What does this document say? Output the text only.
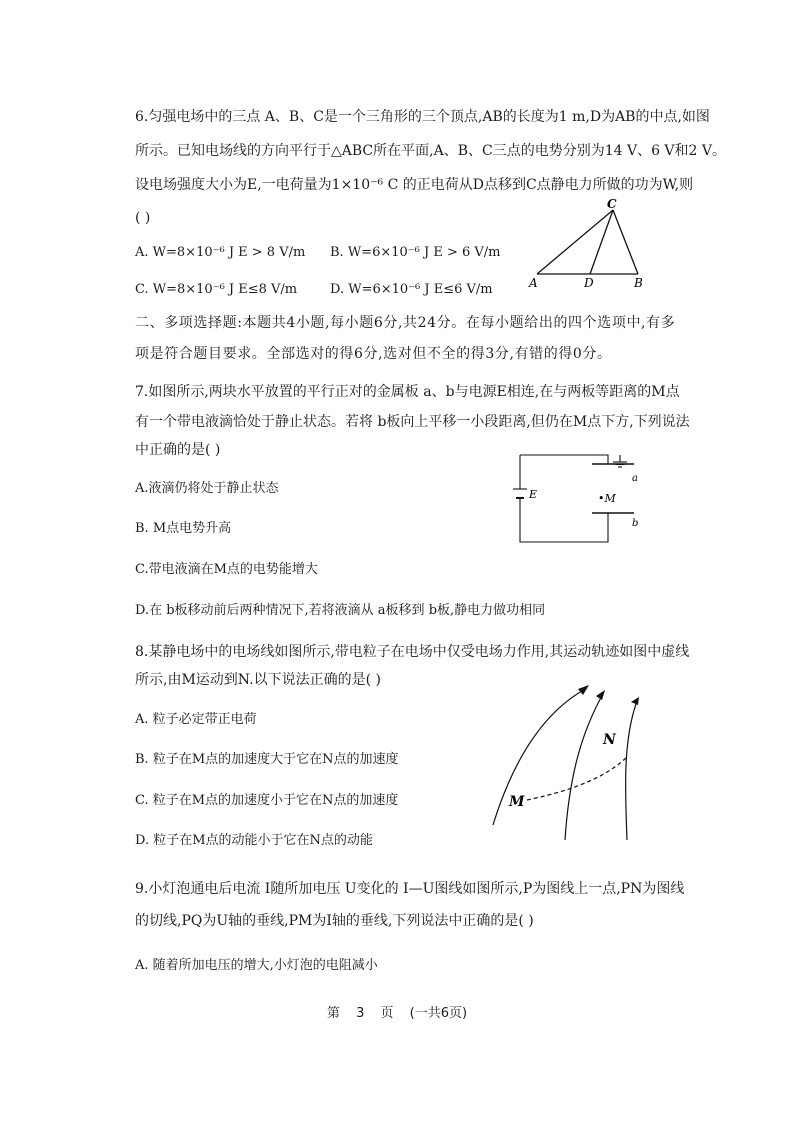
6.匀强电场中的三点 A、B、C是一个三角形的三个顶点,AB的长度为1 m,D为AB的中点,如图
所示。已知电场线的方向平行于△ABC所在平面,A、B、C三点的电势分别为14 V、6 V和2 V。
设电场强度大小为E,一电荷量为1×10⁻⁶ C 的正电荷从D点移到C点静电力所做的功为W,则
( )
A. W=8×10⁻⁶ J E > 8 V/m B. W=6×10⁻⁶ J E > 6 V/m
C. W=8×10⁻⁶ J E≤8 V/m	D. W=6×10⁻⁶ J E≤6 V/m
C
A	D	B
二、多项选择题:本题共4小题,每小题6分,共24分。在每小题给出的四个选项中,有多
项是符合题目要求。全部选对的得6分,选对但不全的得3分,有错的得0分。
7.如图所示,两块水平放置的平行正对的金属板 a、b与电源E相连,在与两板等距离的M点
有一个带电液滴恰处于静止状态。若将 b板向上平移一小段距离,但仍在M点下方,下列说法
中正确的是( )
A.液滴仍将处于静止状态
B. M点电势升高
C.带电液滴在M点的电势能增大
D.在 b板移动前后两种情况下,若将液滴从 a板移到 b板,静电力做功相同
E
a
•M
b
8.某静电场中的电场线如图所示,带电粒子在电场中仅受电场力作用,其运动轨迹如图中虚线
所示,由M运动到N.以下说法正确的是( )
A. 粒子必定带正电荷
B. 粒子在M点的加速度大于它在N点的加速度
C. 粒子在M点的加速度小于它在N点的加速度
D. 粒子在M点的动能小于它在N点的动能
M
N
9.小灯泡通电后电流 I随所加电压 U变化的 I—U图线如图所示,P为图线上一点,PN为图线
的切线,PQ为U轴的垂线,PM为I轴的垂线,下列说法中正确的是( )
A. 随着所加电压的增大,小灯泡的电阻减小
第 3 页 (一共6页)
